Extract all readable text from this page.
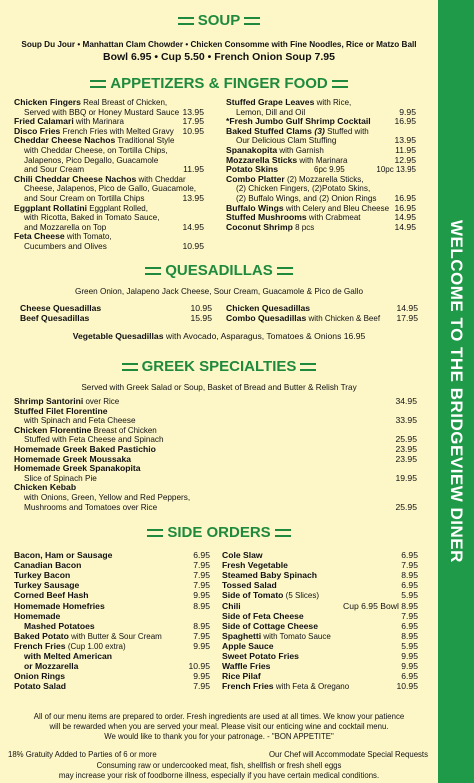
SOUP
Soup Du Jour • Manhattan Clam Chowder • Chicken Consomme with Fine Noodles, Rice or Matzo Ball
Bowl 6.95 • Cup 5.50 • French Onion Soup 7.95
APPETIZERS & FINGER FOOD
Chicken Fingers Real Breast of Chicken,
Served with BBQ or Honey Mustard Sauce 13.95
Fried Calamari with Marinara	17.95
Disco Fries French Fries with Melted Gravy 10.95
Cheddar Cheese Nachos Traditional Style
with Cheddar Cheese, on Tortilla Chips,
Jalapenos, Pico Degallo, Guacamole
and Sour Cream	11.95
Chili Cheddar Cheese Nachos with Cheddar
Cheese, Jalapenos, Pico de Gallo, Guacamole,
and Sour Cream on Tortilla Chips	13.95
Eggplant Rollatini Eggplant Rolled,
with Ricotta, Baked in Tomato Sauce,
and Mozzarella on Top	14.95
Feta Cheese with Tomato,
Cucumbers and Olives	10.95
Stuffed Grape Leaves with Rice,
Lemon, Dill and Oil	9.95
*Fresh Jumbo Gulf Shrimp Cocktail	16.95
Baked Stuffed Clams (3) Stuffed with
Our Delicious Clam Stuffing	13.95
Spanakopita with Garnish	11.95
Mozzarella Sticks with Marinara	12.95
Potato Skins	6pc 9.95	10pc 13.95
Combo Platter (2) Mozzarella Sticks,
(2) Chicken Fingers, (2)Potato Skins,
(2) Buffalo Wings, and (2) Onion Rings 16.95
Buffalo Wings with Celery and Bleu Cheese 16.95
Stuffed Mushrooms with Crabmeat	14.95
Coconut Shrimp 8 pcs	14.95
QUESADILLAS
Green Onion, Jalapeno Jack Cheese, Sour Cream, Guacamole & Pico de Gallo
Cheese Quesadillas	10.95
Beef Quesadillas	15.95
Chicken Quesadillas	14.95
Combo Quesadillas with Chicken & Beef 17.95
Vegetable Quesadillas with Avocado, Asparagus, Tomatoes & Onions 16.95
GREEK SPECIALTIES
Served with Greek Salad or Soup, Basket of Bread and Butter & Relish Tray
Shrimp Santorini over Rice	34.95
Stuffed Filet Florentine
with Spinach and Feta Cheese	33.95
Chicken Florentine Breast of Chicken
Stuffed with Feta Cheese and Spinach	25.95
Homemade Greek Baked Pastichio	23.95
Homemade Greek Moussaka	23.95
Homemade Greek Spanakopita
Slice of Spinach Pie	19.95
Chicken Kebab
with Onions, Green, Yellow and Red Peppers,
Mushrooms and Tomatoes over Rice	25.95
SIDE ORDERS
Bacon, Ham or Sausage	6.95
Canadian Bacon	7.95
Turkey Bacon	7.95
Turkey Sausage	7.95
Corned Beef Hash	9.95
Homemade Homefries	8.95
Homemade
Mashed Potatoes	8.95
Baked Potato with Butter & Sour Cream	7.95
French Fries (Cup 1.00 extra)	9.95
with Melted American
or Mozzarella	10.95
Onion Rings	9.95
Potato Salad	7.95
Cole Slaw	6.95
Fresh Vegetable	7.95
Steamed Baby Spinach	8.95
Tossed Salad	6.95
Side of Tomato (5 Slices)	5.95
Chili	Cup 6.95 Bowl 8.95
Side of Feta Cheese	7.95
Side of Cottage Cheese	6.95
Spaghetti with Tomato Sauce	8.95
Apple Sauce	5.95
Sweet Potato Fries	9.95
Waffle Fries	9.95
Rice Pilaf	6.95
French Fries with Feta & Oregano	10.95
All of our menu items are prepared to order. Fresh ingredients are used at all times. We know your patience
will be rewarded when you are served your meal. Please visit our enticing wine and cocktail menu.
We would like to thank you for your patronage. - "BON APPETITE"
18% Gratuity Added to Parties of 6 or more	Our Chef will Accommodate Special Requests
Consuming raw or undercooked meat, fish, shellfish or fresh shell eggs
may increase your risk of foodborne illness, especially if you have certain medical conditions.
WELCOME TO THE BRIDGEVIEW DINER
